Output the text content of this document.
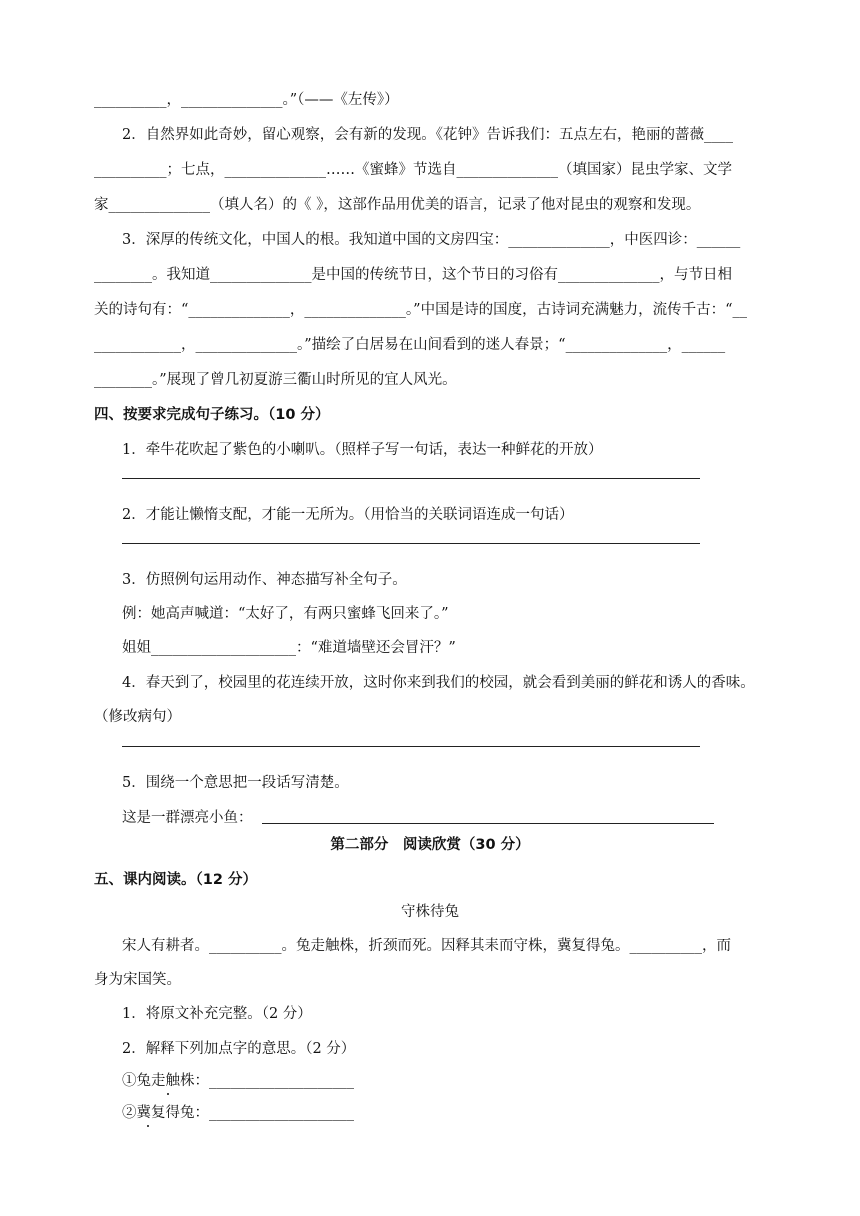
__________，______________。”（——《左传》）
2．自然界如此奇妙，留心观察，会有新的发现。《花钟》告诉我们：五点左右，艳丽的蔷薇____
__________；七点，______________……《蜜蜂》节选自______________（填国家）昆虫学家、文学
家______________（填人名）的《 》，这部作品用优美的语言，记录了他对昆虫的观察和发现。
3．深厚的传统文化，中国人的根。我知道中国的文房四宝：______________，中医四诊：______
________。我知道______________是中国的传统节日，这个节日的习俗有______________，与节日相
关的诗句有：“______________，______________。”中国是诗的国度，古诗词充满魅力，流传千古：“__
____________，______________。”描绘了白居易在山间看到的迷人春景；“______________，______
________。”展现了曾几初夏游三衢山时所见的宜人风光。
四、按要求完成句子练习。（10 分）
1．牵牛花吹起了紫色的小喇叭。（照样子写一句话，表达一种鲜花的开放）
2．才能让懒惰支配，才能一无所为。（用恰当的关联词语连成一句话）
3．仿照例句运用动作、神态描写补全句子。
例：她高声喊道：“太好了，有两只蜜蜂飞回来了。”
姐姐____________________：“难道墙壁还会冒汗？”
4．春天到了，校园里的花连续开放，这时你来到我们的校园，就会看到美丽的鲜花和诱人的香味。
（修改病句）
5．围绕一个意思把一段话写清楚。
这是一群漂亮小鱼：
第二部分　阅读欣赏（30 分）
五、课内阅读。（12 分）
守株待兔
宋人有耕者。__________。兔走触株，折颈而死。因释其耒而守株，冀复得兔。__________，而
身为宋国笑。
1．将原文补充完整。（2 分）
2．解释下列加点字的意思。（2 分）
①兔走触株：____________________
②冀复得兔：____________________
